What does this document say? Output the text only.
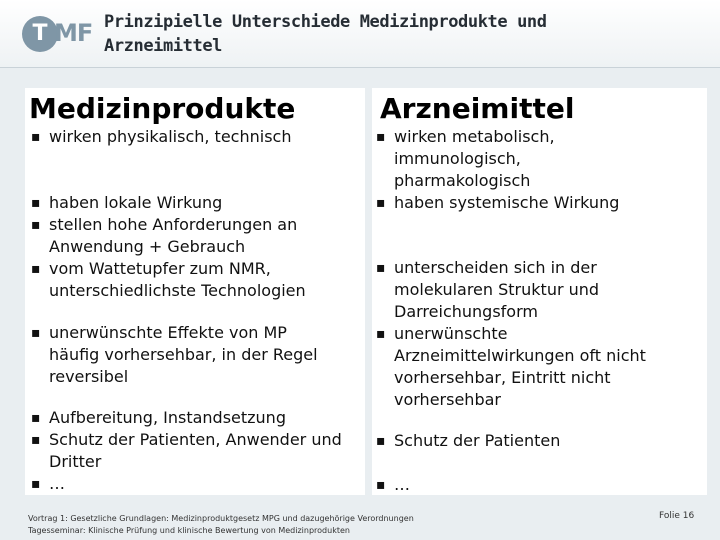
T MF Prinzipielle Unterschiede Medizinprodukte und Arzneimittel
Medizinprodukte
▪ wirken physikalisch, technisch
▪ haben lokale Wirkung
▪ stellen hohe Anforderungen an Anwendung + Gebrauch
▪ vom Wattetupfer zum NMR, unterschiedlichste Technologien
▪ unerwünschte Effekte von MP häufig vorhersehbar, in der Regel reversibel
▪ Aufbereitung, Instandsetzung
▪ Schutz der Patienten, Anwender und Dritter
▪ …
Arzneimittel
▪ wirken metabolisch, immunologisch, pharmakologisch
▪ haben systemische Wirkung
▪ unterscheiden sich in der molekularen Struktur und Darreichungsform
▪ unerwünschte Arzneimittelwirkungen oft nicht vorhersehbar, Eintritt nicht vorhersehbar
▪ Schutz der Patienten
▪ …
Vortrag 1: Gesetzliche Grundlagen: Medizinproduktgesetz MPG und dazugehörige Verordnungen
Tagesseminar: Klinische Prüfung und klinische Bewertung von Medizinprodukten
Folie 16
